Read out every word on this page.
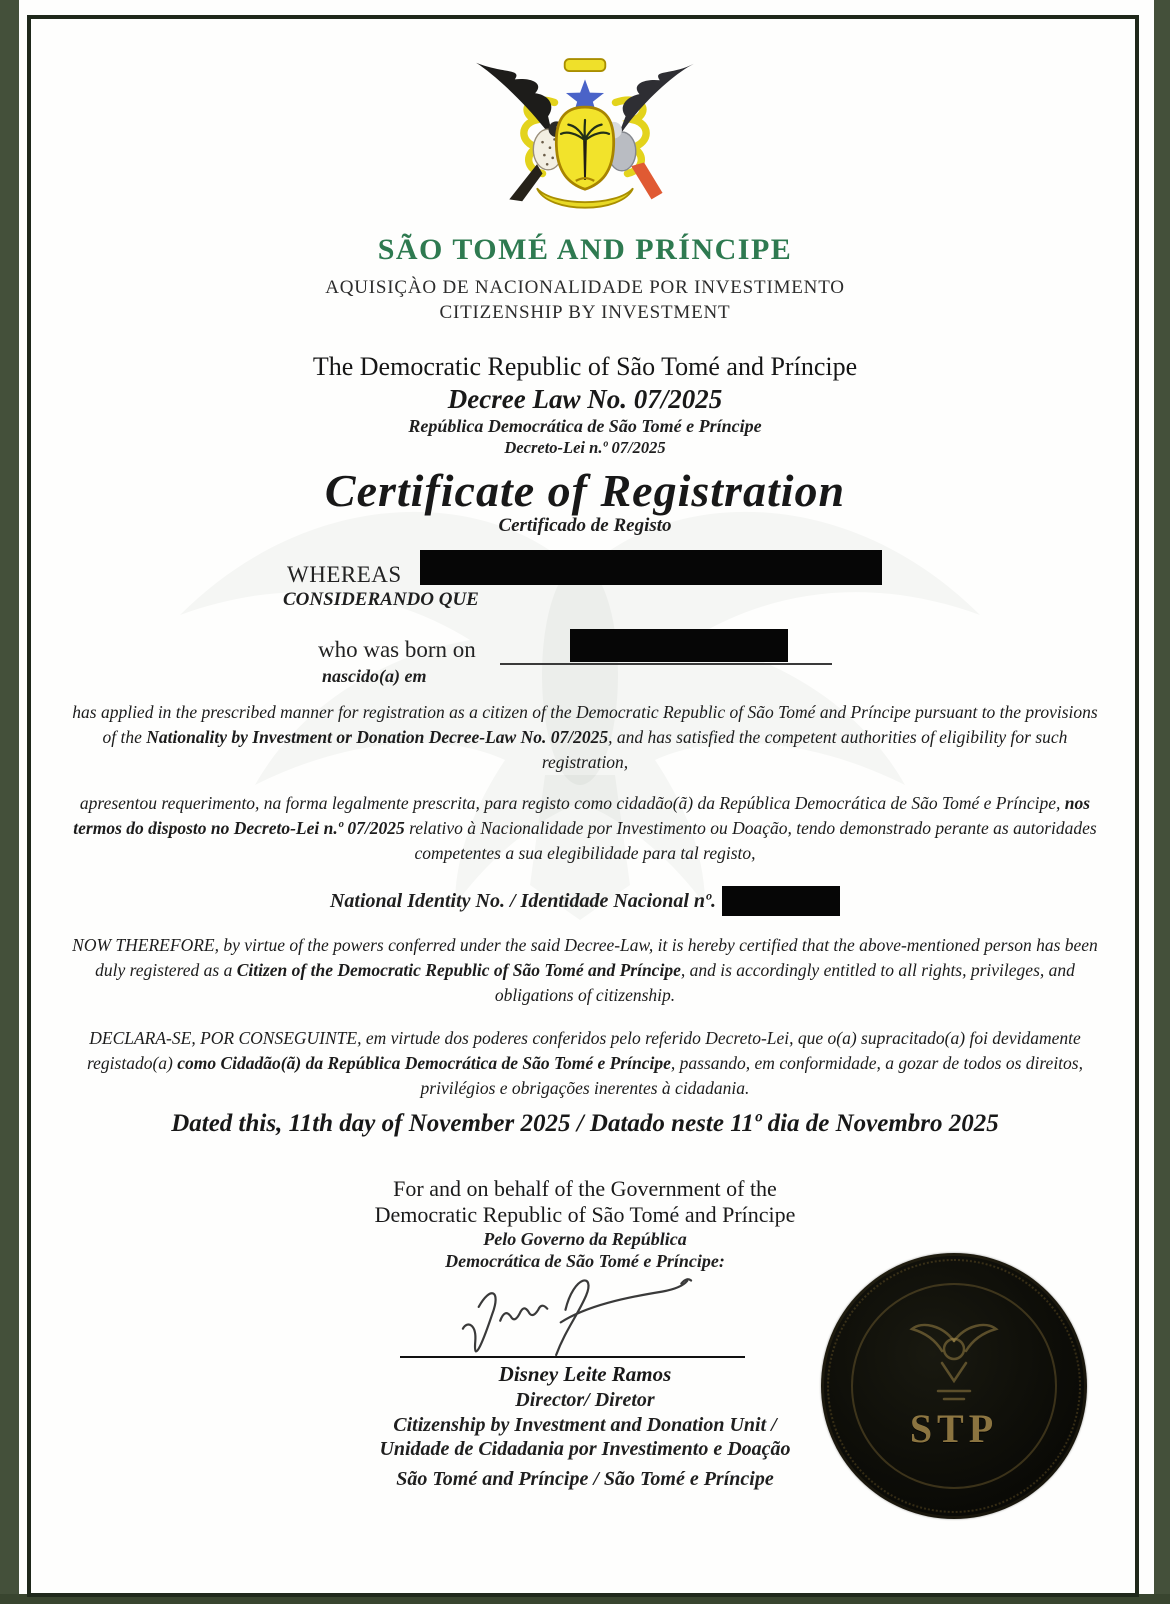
SÃO TOMÉ AND PRÍNCIPE
AQUISIÇÀO DE NACIONALIDADE POR INVESTIMENTO
CITIZENSHIP BY INVESTMENT
The Democratic Republic of São Tomé and Príncipe
Decree Law No. 07/2025
República Democrática de São Tomé e Príncipe
Decreto-Lei n.º 07/2025
Certificate of Registration
Certificado de Registo
WHEREAS
CONSIDERANDO QUE
who was born on
nascido(a) em
has applied in the prescribed manner for registration as a citizen of the Democratic Republic of São Tomé and Príncipe pursuant to the provisions of the Nationality by Investment or Donation Decree-Law No. 07/2025, and has satisfied the competent authorities of eligibility for such registration,
apresentou requerimento, na forma legalmente prescrita, para registo como cidadão(ã) da República Democrática de São Tomé e Príncipe, nos termos do disposto no Decreto-Lei n.º 07/2025 relativo à Nacionalidade por Investimento ou Doação, tendo demonstrado perante as autoridades competentes a sua elegibilidade para tal registo,
National Identity No. / Identidade Nacional nº.
NOW THEREFORE, by virtue of the powers conferred under the said Decree-Law, it is hereby certified that the above-mentioned person has been duly registered as a Citizen of the Democratic Republic of São Tomé and Príncipe, and is accordingly entitled to all rights, privileges, and obligations of citizenship.
DECLARA-SE, POR CONSEGUINTE, em virtude dos poderes conferidos pelo referido Decreto-Lei, que o(a) supracitado(a) foi devidamente registado(a) como Cidadão(ã) da República Democrática de São Tomé e Príncipe, passando, em conformidade, a gozar de todos os direitos, privilégios e obrigações inerentes à cidadania.
Dated this, 11th day of November 2025 / Datado neste 11º dia de Novembro 2025
For and on behalf of the Government of the
Democratic Republic of São Tomé and Príncipe
Pelo Governo da República
Democrática de São Tomé e Príncipe:
Disney Leite Ramos
Director/ Diretor
Citizenship by Investment and Donation Unit /
Unidade de Cidadania por Investimento e Doação
São Tomé and Príncipe / São Tomé e Príncipe
STP
